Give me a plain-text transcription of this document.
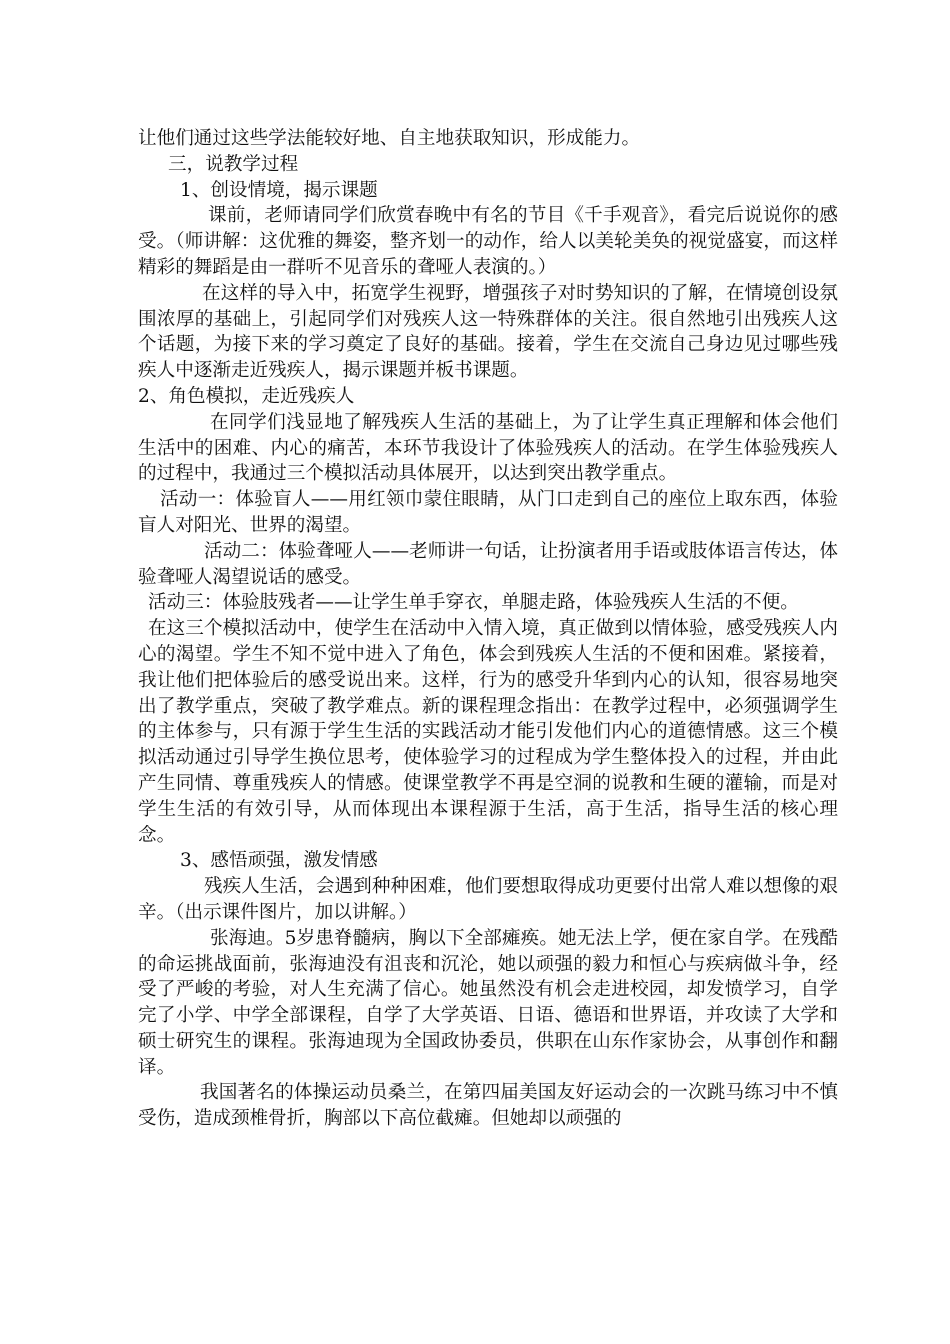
让他们通过这些学法能较好地、自主地获取知识，形成能力。

三，说教学过程

1、创设情境，揭示课题

课前，老师请同学们欣赏春晚中有名的节目《千手观音》，看完后说说你的感受。（师讲解：这优雅的舞姿，整齐划一的动作，给人以美轮美奂的视觉盛宴，而这样精彩的舞蹈是由一群听不见音乐的聋哑人表演的。）

在这样的导入中，拓宽学生视野，增强孩子对时势知识的了解，在情境创设氛围浓厚的基础上，引起同学们对残疾人这一特殊群体的关注。很自然地引出残疾人这个话题，为接下来的学习奠定了良好的基础。接着，学生在交流自己身边见过哪些残疾人中逐渐走近残疾人，揭示课题并板书课题。

2、角色模拟，走近残疾人

在同学们浅显地了解残疾人生活的基础上，为了让学生真正理解和体会他们生活中的困难、内心的痛苦，本环节我设计了体验残疾人的活动。在学生体验残疾人的过程中，我通过三个模拟活动具体展开，以达到突出教学重点。

活动一：体验盲人——用红领巾蒙住眼睛，从门口走到自己的座位上取东西，体验盲人对阳光、世界的渴望。

活动二：体验聋哑人——老师讲一句话，让扮演者用手语或肢体语言传达，体验聋哑人渴望说话的感受。

活动三：体验肢残者——让学生单手穿衣，单腿走路，体验残疾人生活的不便。

在这三个模拟活动中，使学生在活动中入情入境，真正做到以情体验，感受残疾人内心的渴望。学生不知不觉中进入了角色，体会到残疾人生活的不便和困难。紧接着，我让他们把体验后的感受说出来。这样，行为的感受升华到内心的认知，很容易地突出了教学重点，突破了教学难点。新的课程理念指出：在教学过程中，必须强调学生的主体参与，只有源于学生生活的实践活动才能引发他们内心的道德情感。这三个模拟活动通过引导学生换位思考，使体验学习的过程成为学生整体投入的过程，并由此产生同情、尊重残疾人的情感。使课堂教学不再是空洞的说教和生硬的灌输，而是对学生生活的有效引导，从而体现出本课程源于生活，高于生活，指导生活的核心理念。

3、感悟顽强，激发情感

残疾人生活，会遇到种种困难，他们要想取得成功更要付出常人难以想像的艰辛。（出示课件图片，加以讲解。）

张海迪。5岁患脊髓病，胸以下全部瘫痪。她无法上学，便在家自学。在残酷的命运挑战面前，张海迪没有沮丧和沉沦，她以顽强的毅力和恒心与疾病做斗争，经受了严峻的考验，对人生充满了信心。她虽然没有机会走进校园，却发愤学习，自学完了小学、中学全部课程，自学了大学英语、日语、德语和世界语，并攻读了大学和硕士研究生的课程。张海迪现为全国政协委员，供职在山东作家协会，从事创作和翻译。

我国著名的体操运动员桑兰，在第四届美国友好运动会的一次跳马练习中不慎受伤，造成颈椎骨折，胸部以下高位截瘫。但她却以顽强的
